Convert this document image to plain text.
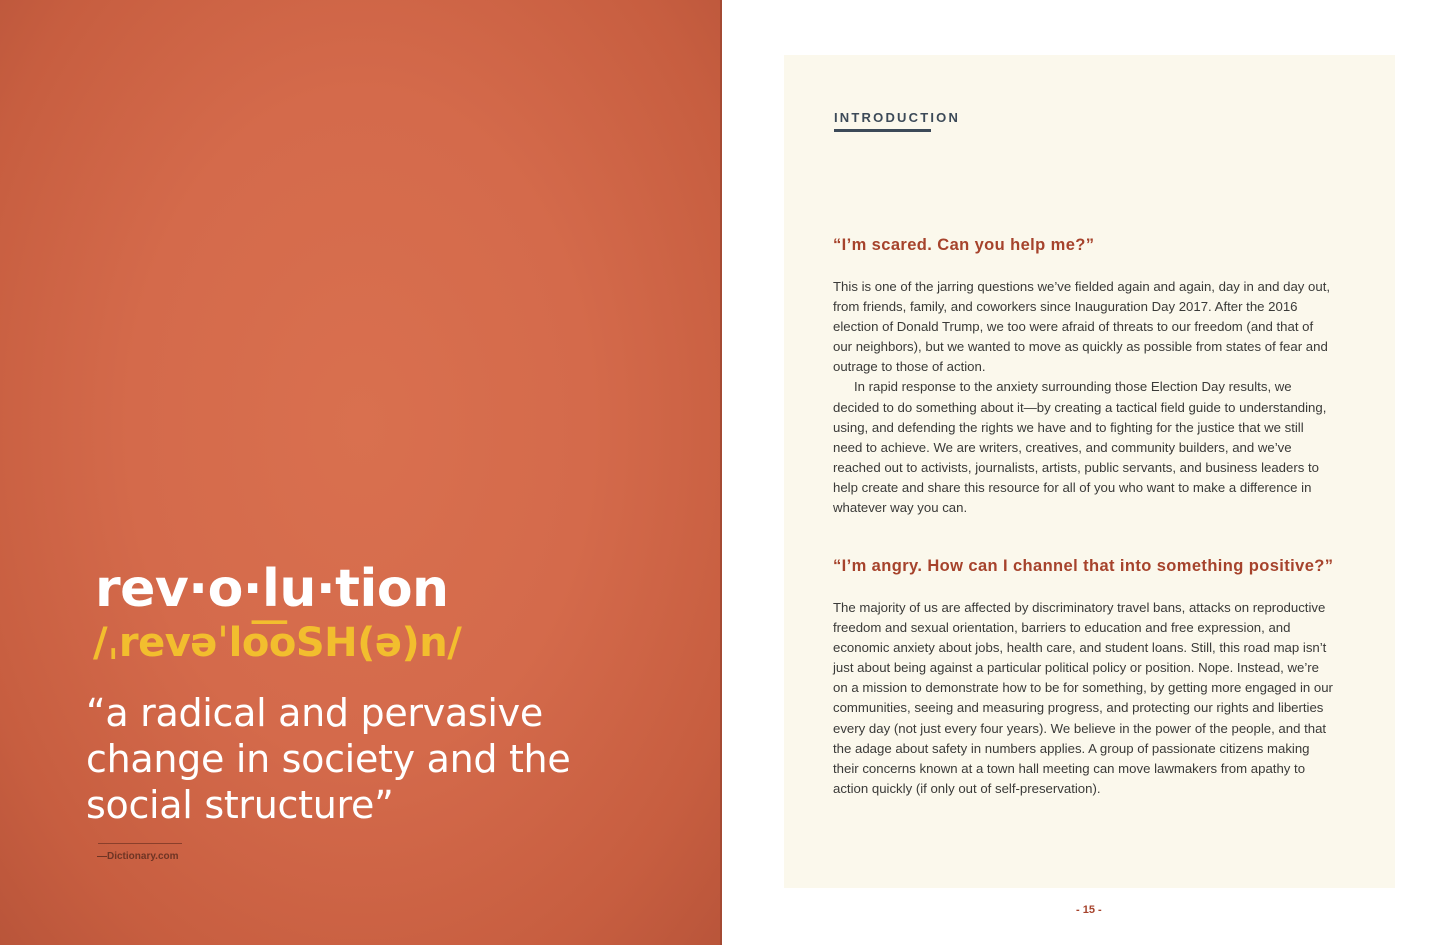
rev·o·lu·tion
/ˌrevəˈlo͞oSH(ə)n/
“a radical and pervasive change in society and the social structure”
—Dictionary.com
INTRODUCTION
“I’m scared. Can you help me?”

This is one of the jarring questions we’ve fielded again and again, day in and day out, from friends, family, and coworkers since Inauguration Day 2017. After the 2016 election of Donald Trump, we too were afraid of threats to our freedom (and that of our neighbors), but we wanted to move as quickly as possible from states of fear and outrage to those of action.

In rapid response to the anxiety surrounding those Election Day results, we decided to do something about it—by creating a tactical field guide to understanding, using, and defending the rights we have and to fighting for the justice that we still need to achieve. We are writers, creatives, and community builders, and we’ve reached out to activists, journalists, artists, public servants, and business leaders to help create and share this resource for all of you who want to make a difference in whatever way you can.

“I’m angry. How can I channel that into something positive?”

The majority of us are affected by discriminatory travel bans, attacks on reproductive freedom and sexual orientation, barriers to education and free expression, and economic anxiety about jobs, health care, and student loans. Still, this road map isn’t just about being against a particular political policy or position. Nope. Instead, we’re on a mission to demonstrate how to be for something, by getting more engaged in our communities, seeing and measuring progress, and protecting our rights and liberties every day (not just every four years). We believe in the power of the people, and that the adage about safety in numbers applies. A group of passionate citizens making their concerns known at a town hall meeting can move lawmakers from apathy to action quickly (if only out of self-preservation).

- 15 -
